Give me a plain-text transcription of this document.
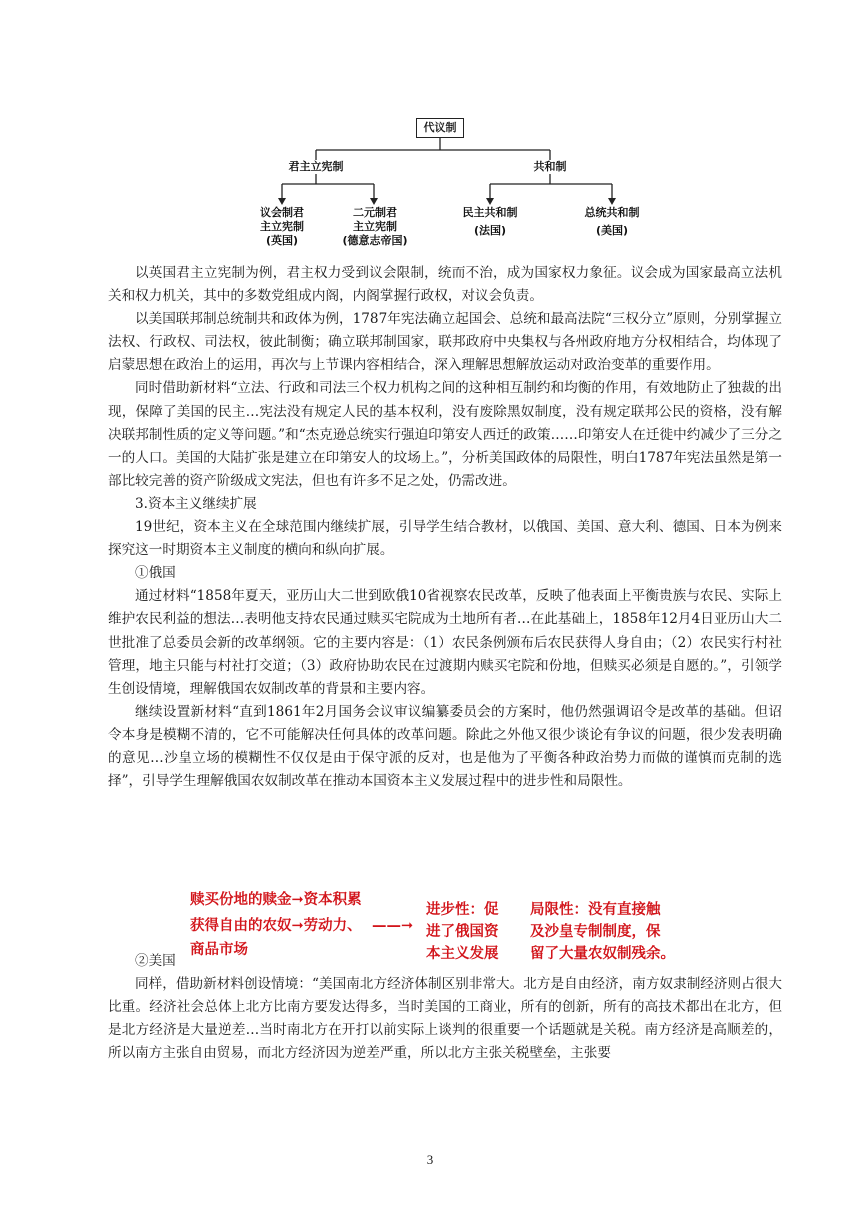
代议制
君主立宪制	共和制
议会制君
主立宪制
(英国)
二元制君
主立宪制
(德意志帝国)
民主共和制
(法国)
总统共和制
(美国)

以英国君主立宪制为例，君主权力受到议会限制，统而不治，成为国家权力象征。议会成为国家最高立法机关和权力机关，其中的多数党组成内阁，内阁掌握行政权，对议会负责。

以美国联邦制总统制共和政体为例，1787年宪法确立起国会、总统和最高法院“三权分立”原则，分别掌握立法权、行政权、司法权，彼此制衡；确立联邦制国家，联邦政府中央集权与各州政府地方分权相结合，均体现了启蒙思想在政治上的运用，再次与上节课内容相结合，深入理解思想解放运动对政治变革的重要作用。

同时借助新材料“立法、行政和司法三个权力机构之间的这种相互制约和均衡的作用，有效地防止了独裁的出现，保障了美国的民主…宪法没有规定人民的基本权利，没有废除黑奴制度，没有规定联邦公民的资格，没有解决联邦制性质的定义等问题。”和“杰克逊总统实行强迫印第安人西迁的政策……印第安人在迁徙中约减少了三分之一的人口。美国的大陆扩张是建立在印第安人的坟场上。”，分析美国政体的局限性，明白1787年宪法虽然是第一部比较完善的资产阶级成文宪法，但也有许多不足之处，仍需改进。

3.资本主义继续扩展

19世纪，资本主义在全球范围内继续扩展，引导学生结合教材，以俄国、美国、意大利、德国、日本为例来探究这一时期资本主义制度的横向和纵向扩展。

①俄国

通过材料“1858年夏天，亚历山大二世到欧俄10省视察农民改革，反映了他表面上平衡贵族与农民、实际上维护农民利益的想法…表明他支持农民通过赎买宅院成为土地所有者…在此基础上，1858年12月4日亚历山大二世批准了总委员会新的改革纲领。它的主要内容是：（1）农民条例颁布后农民获得人身自由；（2）农民实行村社管理，地主只能与村社打交道；（3）政府协助农民在过渡期内赎买宅院和份地，但赎买必须是自愿的。”，引领学生创设情境，理解俄国农奴制改革的背景和主要内容。

继续设置新材料“直到1861年2月国务会议审议编纂委员会的方案时，他仍然强调诏令是改革的基础。但诏令本身是模糊不清的，它不可能解决任何具体的改革问题。除此之外他又很少谈论有争议的问题，很少发表明确的意见…沙皇立场的模糊性不仅仅是由于保守派的反对，也是他为了平衡各种政治势力而做的谨慎而克制的选择”，引导学生理解俄国农奴制改革在推动本国资本主义发展过程中的进步性和局限性。

赎买份地的赎金➞资本积累
获得自由的农奴➞劳动力、
商品市场
——➞
进步性：促
进了俄国资
本主义发展
局限性：没有直接触
及沙皇专制制度，保
留了大量农奴制残余。

②美国

同样，借助新材料创设情境：“美国南北方经济体制区别非常大。北方是自由经济，南方奴隶制经济则占很大比重。经济社会总体上北方比南方要发达得多，当时美国的工商业，所有的创新，所有的高技术都出在北方，但是北方经济是大量逆差…当时南北方在开打以前实际上谈判的很重要一个话题就是关税。南方经济是高顺差的，所以南方主张自由贸易，而北方经济因为逆差严重，所以北方主张关税壁垒，主张要

3
